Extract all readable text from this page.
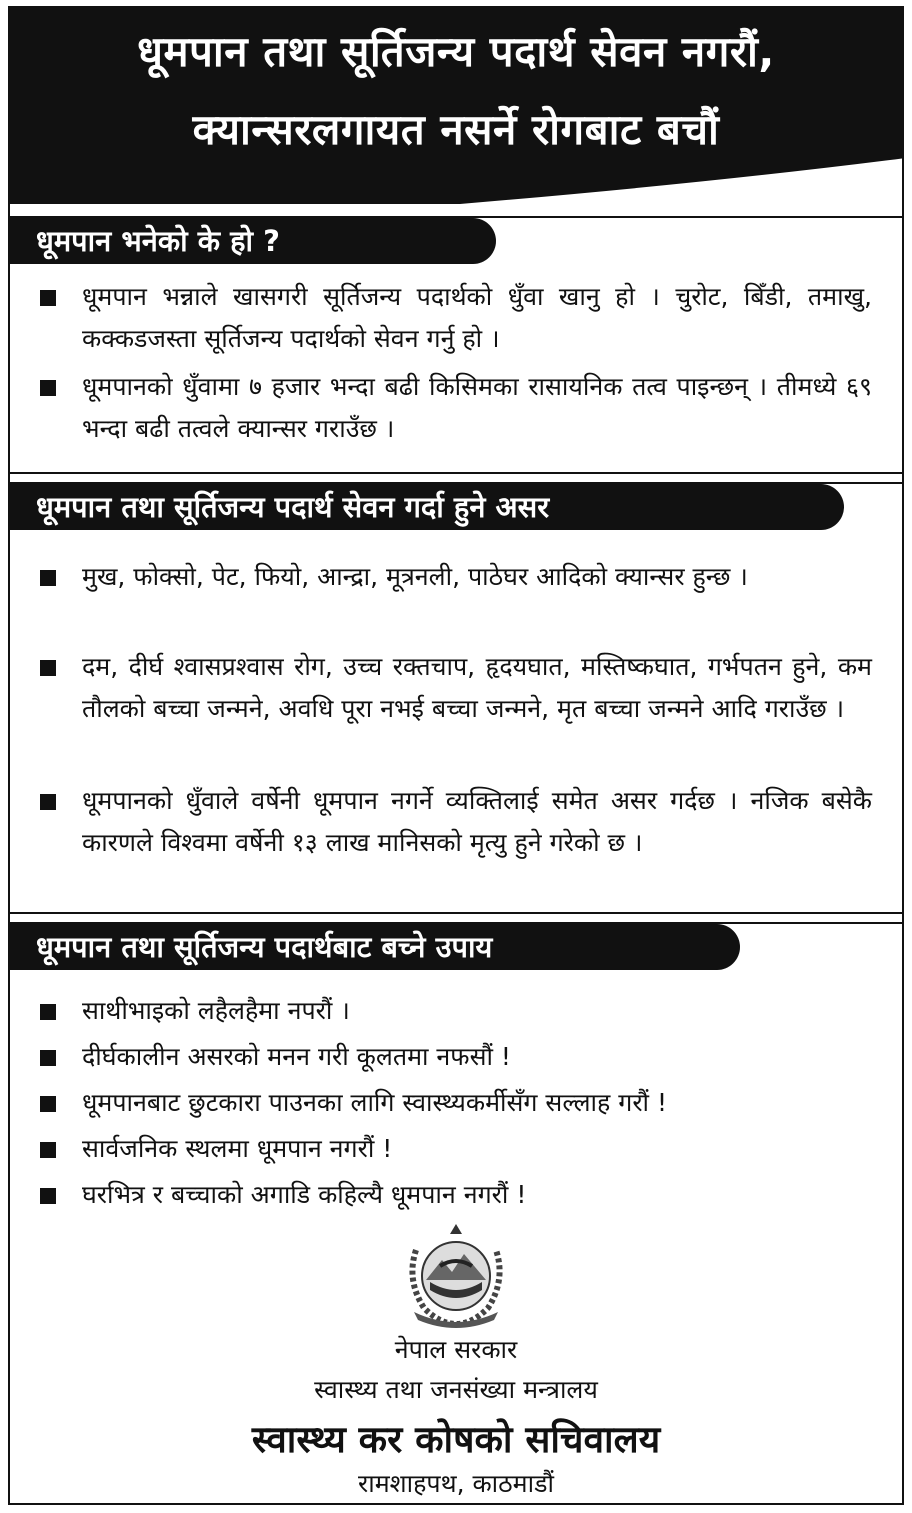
धूमपान तथा सूर्तिजन्य पदार्थ सेवन नगरौं,
क्यान्सरलगायत नसर्ने रोगबाट बचौं
धूमपान भनेको के हो ?
धूमपान भन्नाले खासगरी सूर्तिजन्य पदार्थको धुँवा खानु हो । चुरोट, बिँडी, तमाखु, कक्कडजस्ता सूर्तिजन्य पदार्थको सेवन गर्नु हो ।
धूमपानको धुँवामा ७ हजार भन्दा बढी किसिमका रासायनिक तत्व पाइन्छन् । तीमध्ये ६९ भन्दा बढी तत्वले क्यान्सर गराउँछ ।
धूमपान तथा सूर्तिजन्य पदार्थ सेवन गर्दा हुने असर
मुख, फोक्सो, पेट, फियो, आन्द्रा, मूत्रनली, पाठेघर आदिको क्यान्सर हुन्छ ।
दम, दीर्घ श्वासप्रश्वास रोग, उच्च रक्तचाप, हृदयघात, मस्तिष्कघात, गर्भपतन हुने, कम तौलको बच्चा जन्मने, अवधि पूरा नभई बच्चा जन्मने, मृत बच्चा जन्मने आदि गराउँछ ।
धूमपानको धुँवाले वर्षेनी धूमपान नगर्ने व्यक्तिलाई समेत असर गर्दछ । नजिक बसेकै कारणले विश्वमा वर्षेनी १३ लाख मानिसको मृत्यु हुने गरेको छ ।
धूमपान तथा सूर्तिजन्य पदार्थबाट बच्ने उपाय
साथीभाइको लहैलहैमा नपरौं ।
दीर्घकालीन असरको मनन गरी कूलतमा नफसौं !
धूमपानबाट छुटकारा पाउनका लागि स्वास्थ्यकर्मीसँग सल्लाह गरौं !
सार्वजनिक स्थलमा धूमपान नगरौं !
घरभित्र र बच्चाको अगाडि कहिल्यै धूमपान नगरौं !
नेपाल सरकार
स्वास्थ्य तथा जनसंख्या मन्त्रालय
स्वास्थ्य कर कोषको सचिवालय
रामशाहपथ, काठमाडौं
